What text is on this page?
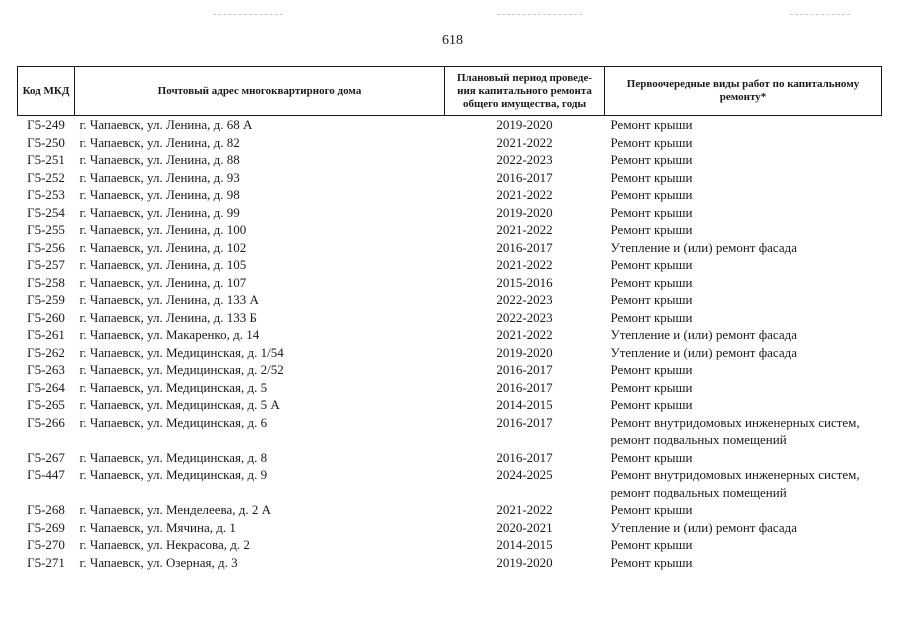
618
Код МКД	Почтовый адрес многоквартирного дома	Плановый период проведе-ния капитального ремонта общего имущества, годы	Первоочередные виды работ по капитальному ремонту*
Г5-249	г. Чапаевск, ул. Ленина, д. 68 А	2019-2020	Ремонт крыши
Г5-250	г. Чапаевск, ул. Ленина, д. 82	2021-2022	Ремонт крыши
Г5-251	г. Чапаевск, ул. Ленина, д. 88	2022-2023	Ремонт крыши
Г5-252	г. Чапаевск, ул. Ленина, д. 93	2016-2017	Ремонт крыши
Г5-253	г. Чапаевск, ул. Ленина, д. 98	2021-2022	Ремонт крыши
Г5-254	г. Чапаевск, ул. Ленина, д. 99	2019-2020	Ремонт крыши
Г5-255	г. Чапаевск, ул. Ленина, д. 100	2021-2022	Ремонт крыши
Г5-256	г. Чапаевск, ул. Ленина, д. 102	2016-2017	Утепление и (или) ремонт фасада
Г5-257	г. Чапаевск, ул. Ленина, д. 105	2021-2022	Ремонт крыши
Г5-258	г. Чапаевск, ул. Ленина, д. 107	2015-2016	Ремонт крыши
Г5-259	г. Чапаевск, ул. Ленина, д. 133 А	2022-2023	Ремонт крыши
Г5-260	г. Чапаевск, ул. Ленина, д. 133 Б	2022-2023	Ремонт крыши
Г5-261	г. Чапаевск, ул. Макаренко, д. 14	2021-2022	Утепление и (или) ремонт фасада
Г5-262	г. Чапаевск, ул. Медицинская, д. 1/54	2019-2020	Утепление и (или) ремонт фасада
Г5-263	г. Чапаевск, ул. Медицинская, д. 2/52	2016-2017	Ремонт крыши
Г5-264	г. Чапаевск, ул. Медицинская, д. 5	2016-2017	Ремонт крыши
Г5-265	г. Чапаевск, ул. Медицинская, д. 5 А	2014-2015	Ремонт крыши
Г5-266	г. Чапаевск, ул. Медицинская, д. 6	2016-2017	Ремонт внутридомовых инженерных систем, ремонт подвальных помещений
Г5-267	г. Чапаевск, ул. Медицинская, д. 8	2016-2017	Ремонт крыши
Г5-447	г. Чапаевск, ул. Медицинская, д. 9	2024-2025	Ремонт внутридомовых инженерных систем, ремонт подвальных помещений
Г5-268	г. Чапаевск, ул. Менделеева, д. 2 А	2021-2022	Ремонт крыши
Г5-269	г. Чапаевск, ул. Мячина, д. 1	2020-2021	Утепление и (или) ремонт фасада
Г5-270	г. Чапаевск, ул. Некрасова, д. 2	2014-2015	Ремонт крыши
Г5-271	г. Чапаевск, ул. Озерная, д. 3	2019-2020	Ремонт крыши
